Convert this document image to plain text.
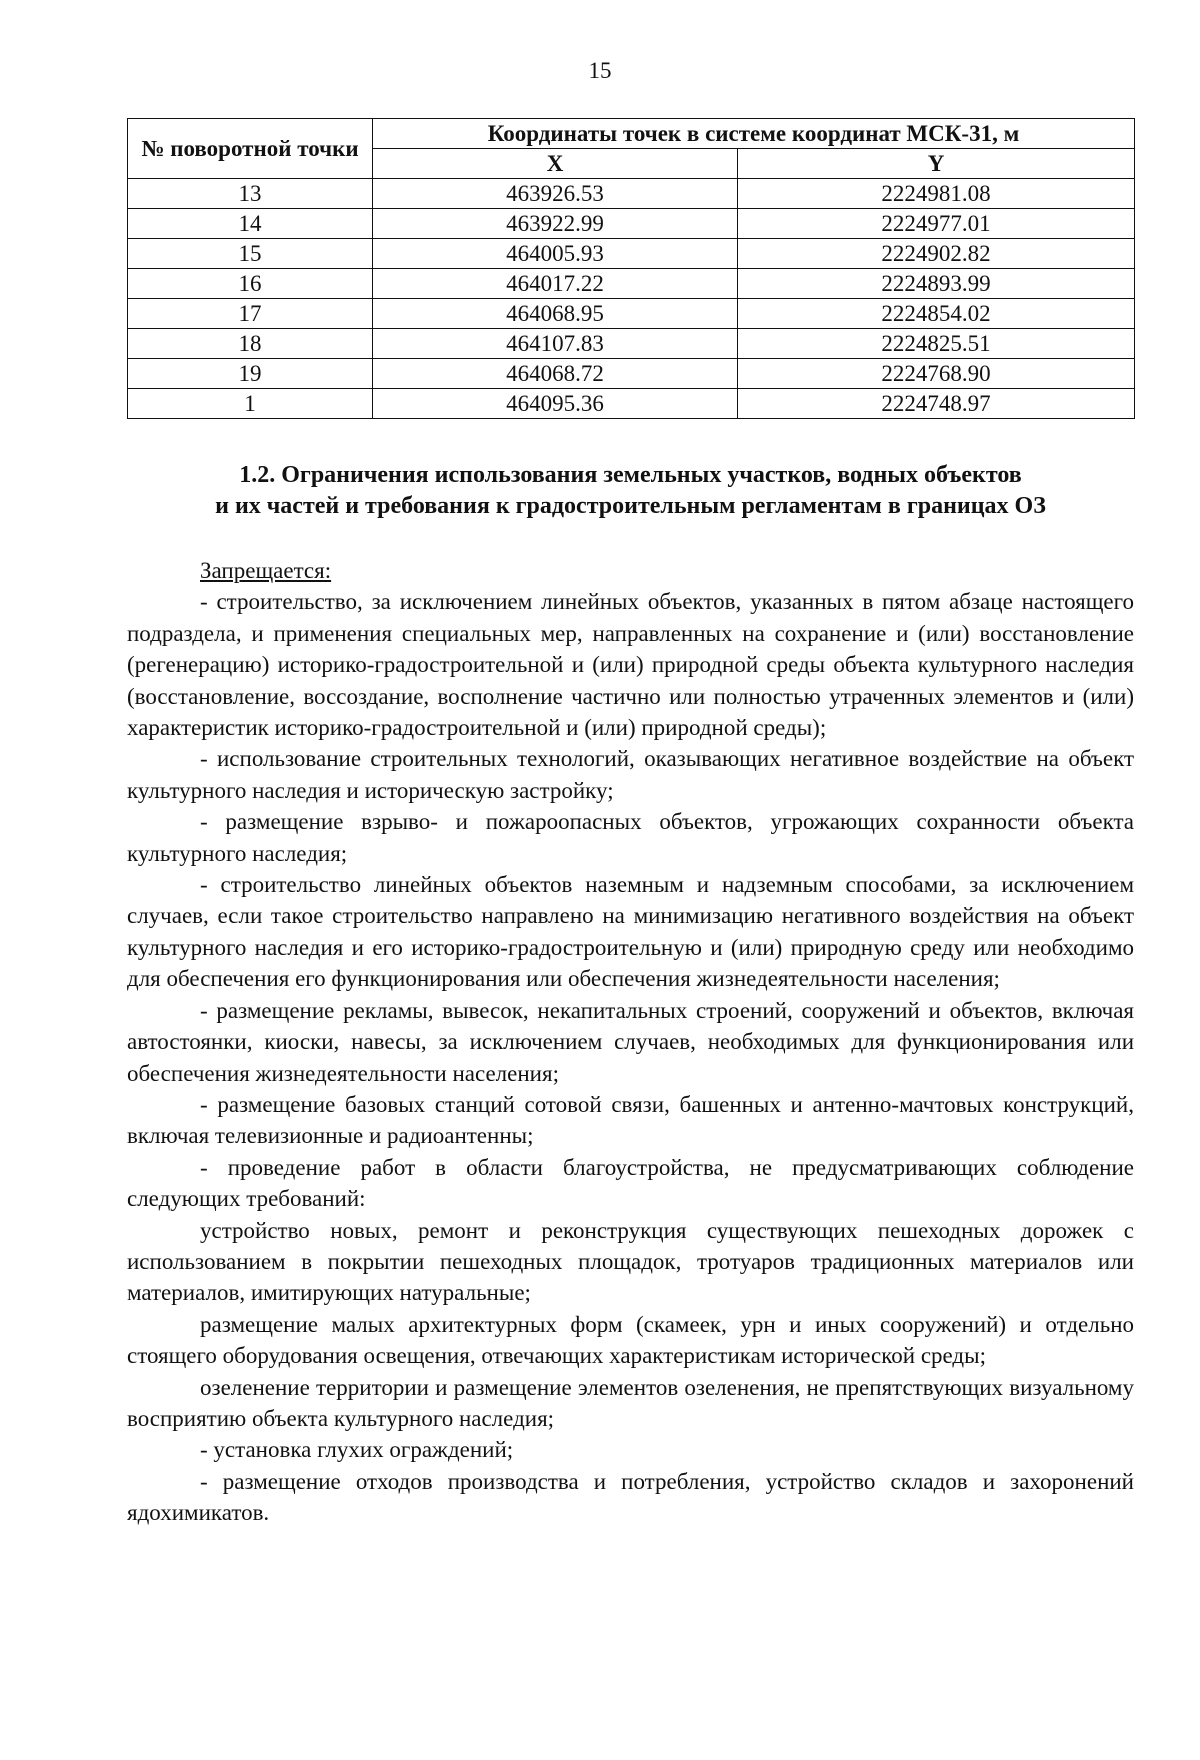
15
№ поворотной точки	Координаты точек в системе координат МСК-31, м	
	X	Y
13	463926.53	2224981.08
14	463922.99	2224977.01
15	464005.93	2224902.82
16	464017.22	2224893.99
17	464068.95	2224854.02
18	464107.83	2224825.51
19	464068.72	2224768.90
1	464095.36	2224748.97
1.2. Ограничения использования земельных участков, водных объектов
и их частей и требования к градостроительным регламентам в границах ОЗ

Запрещается:

- строительство, за исключением линейных объектов, указанных в пятом абзаце настоящего подраздела, и применения специальных мер, направленных на сохранение и (или) восстановление (регенерацию) историко-градостроительной и (или) природной среды объекта культурного наследия (восстановление, воссоздание, восполнение частично или полностью утраченных элементов и (или) характеристик историко-градостроительной и (или) природной среды);

- использование строительных технологий, оказывающих негативное воздействие на объект культурного наследия и историческую застройку;

- размещение взрыво- и пожароопасных объектов, угрожающих сохранности объекта культурного наследия;

- строительство линейных объектов наземным и надземным способами, за исключением случаев, если такое строительство направлено на минимизацию негативного воздействия на объект культурного наследия и его историко-градостроительную и (или) природную среду или необходимо для обеспечения его функционирования или обеспечения жизнедеятельности населения;

- размещение рекламы, вывесок, некапитальных строений, сооружений и объектов, включая автостоянки, киоски, навесы, за исключением случаев, необходимых для функционирования или обеспечения жизнедеятельности населения;

- размещение базовых станций сотовой связи, башенных и антенно-мачтовых конструкций, включая телевизионные и радиоантенны;

- проведение работ в области благоустройства, не предусматривающих соблюдение следующих требований:

устройство новых, ремонт и реконструкция существующих пешеходных дорожек с использованием в покрытии пешеходных площадок, тротуаров традиционных материалов или материалов, имитирующих натуральные;

размещение малых архитектурных форм (скамеек, урн и иных сооружений) и отдельно стоящего оборудования освещения, отвечающих характеристикам исторической среды;

озеленение территории и размещение элементов озеленения, не препятствующих визуальному восприятию объекта культурного наследия;

- установка глухих ограждений;

- размещение отходов производства и потребления, устройство складов и захоронений ядохимикатов.
